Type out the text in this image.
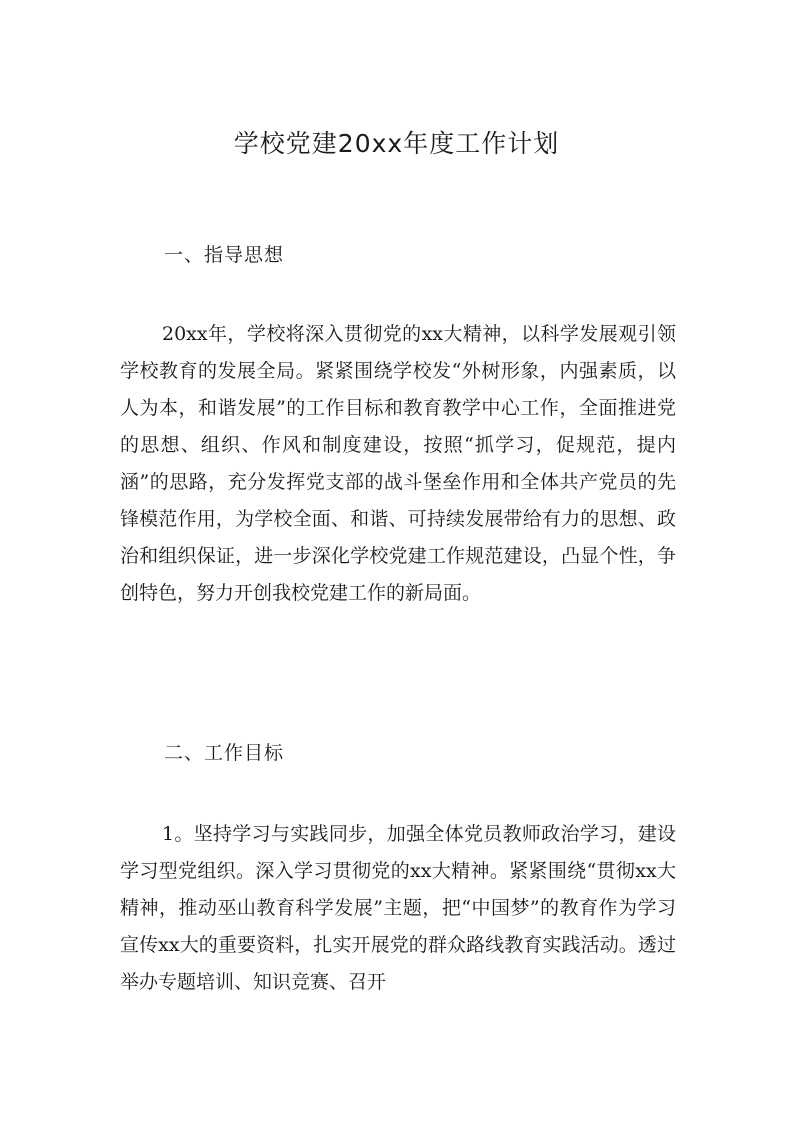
学校党建20xx年度工作计划
一、指导思想

20xx年，学校将深入贯彻党的xx大精神，以科学发展观引领学校教育的发展全局。紧紧围绕学校发“外树形象，内强素质，以人为本，和谐发展”的工作目标和教育教学中心工作，全面推进党的思想、组织、作风和制度建设，按照“抓学习，促规范，提内涵”的思路，充分发挥党支部的战斗堡垒作用和全体共产党员的先锋模范作用，为学校全面、和谐、可持续发展带给有力的思想、政治和组织保证，进一步深化学校党建工作规范建设，凸显个性，争创特色，努力开创我校党建工作的新局面。

二、工作目标

1。坚持学习与实践同步，加强全体党员教师政治学习，建设学习型党组织。深入学习贯彻党的xx大精神。紧紧围绕“贯彻xx大精神，推动巫山教育科学发展”主题，把“中国梦”的教育作为学习宣传xx大的重要资料，扎实开展党的群众路线教育实践活动。透过举办专题培训、知识竞赛、召开
